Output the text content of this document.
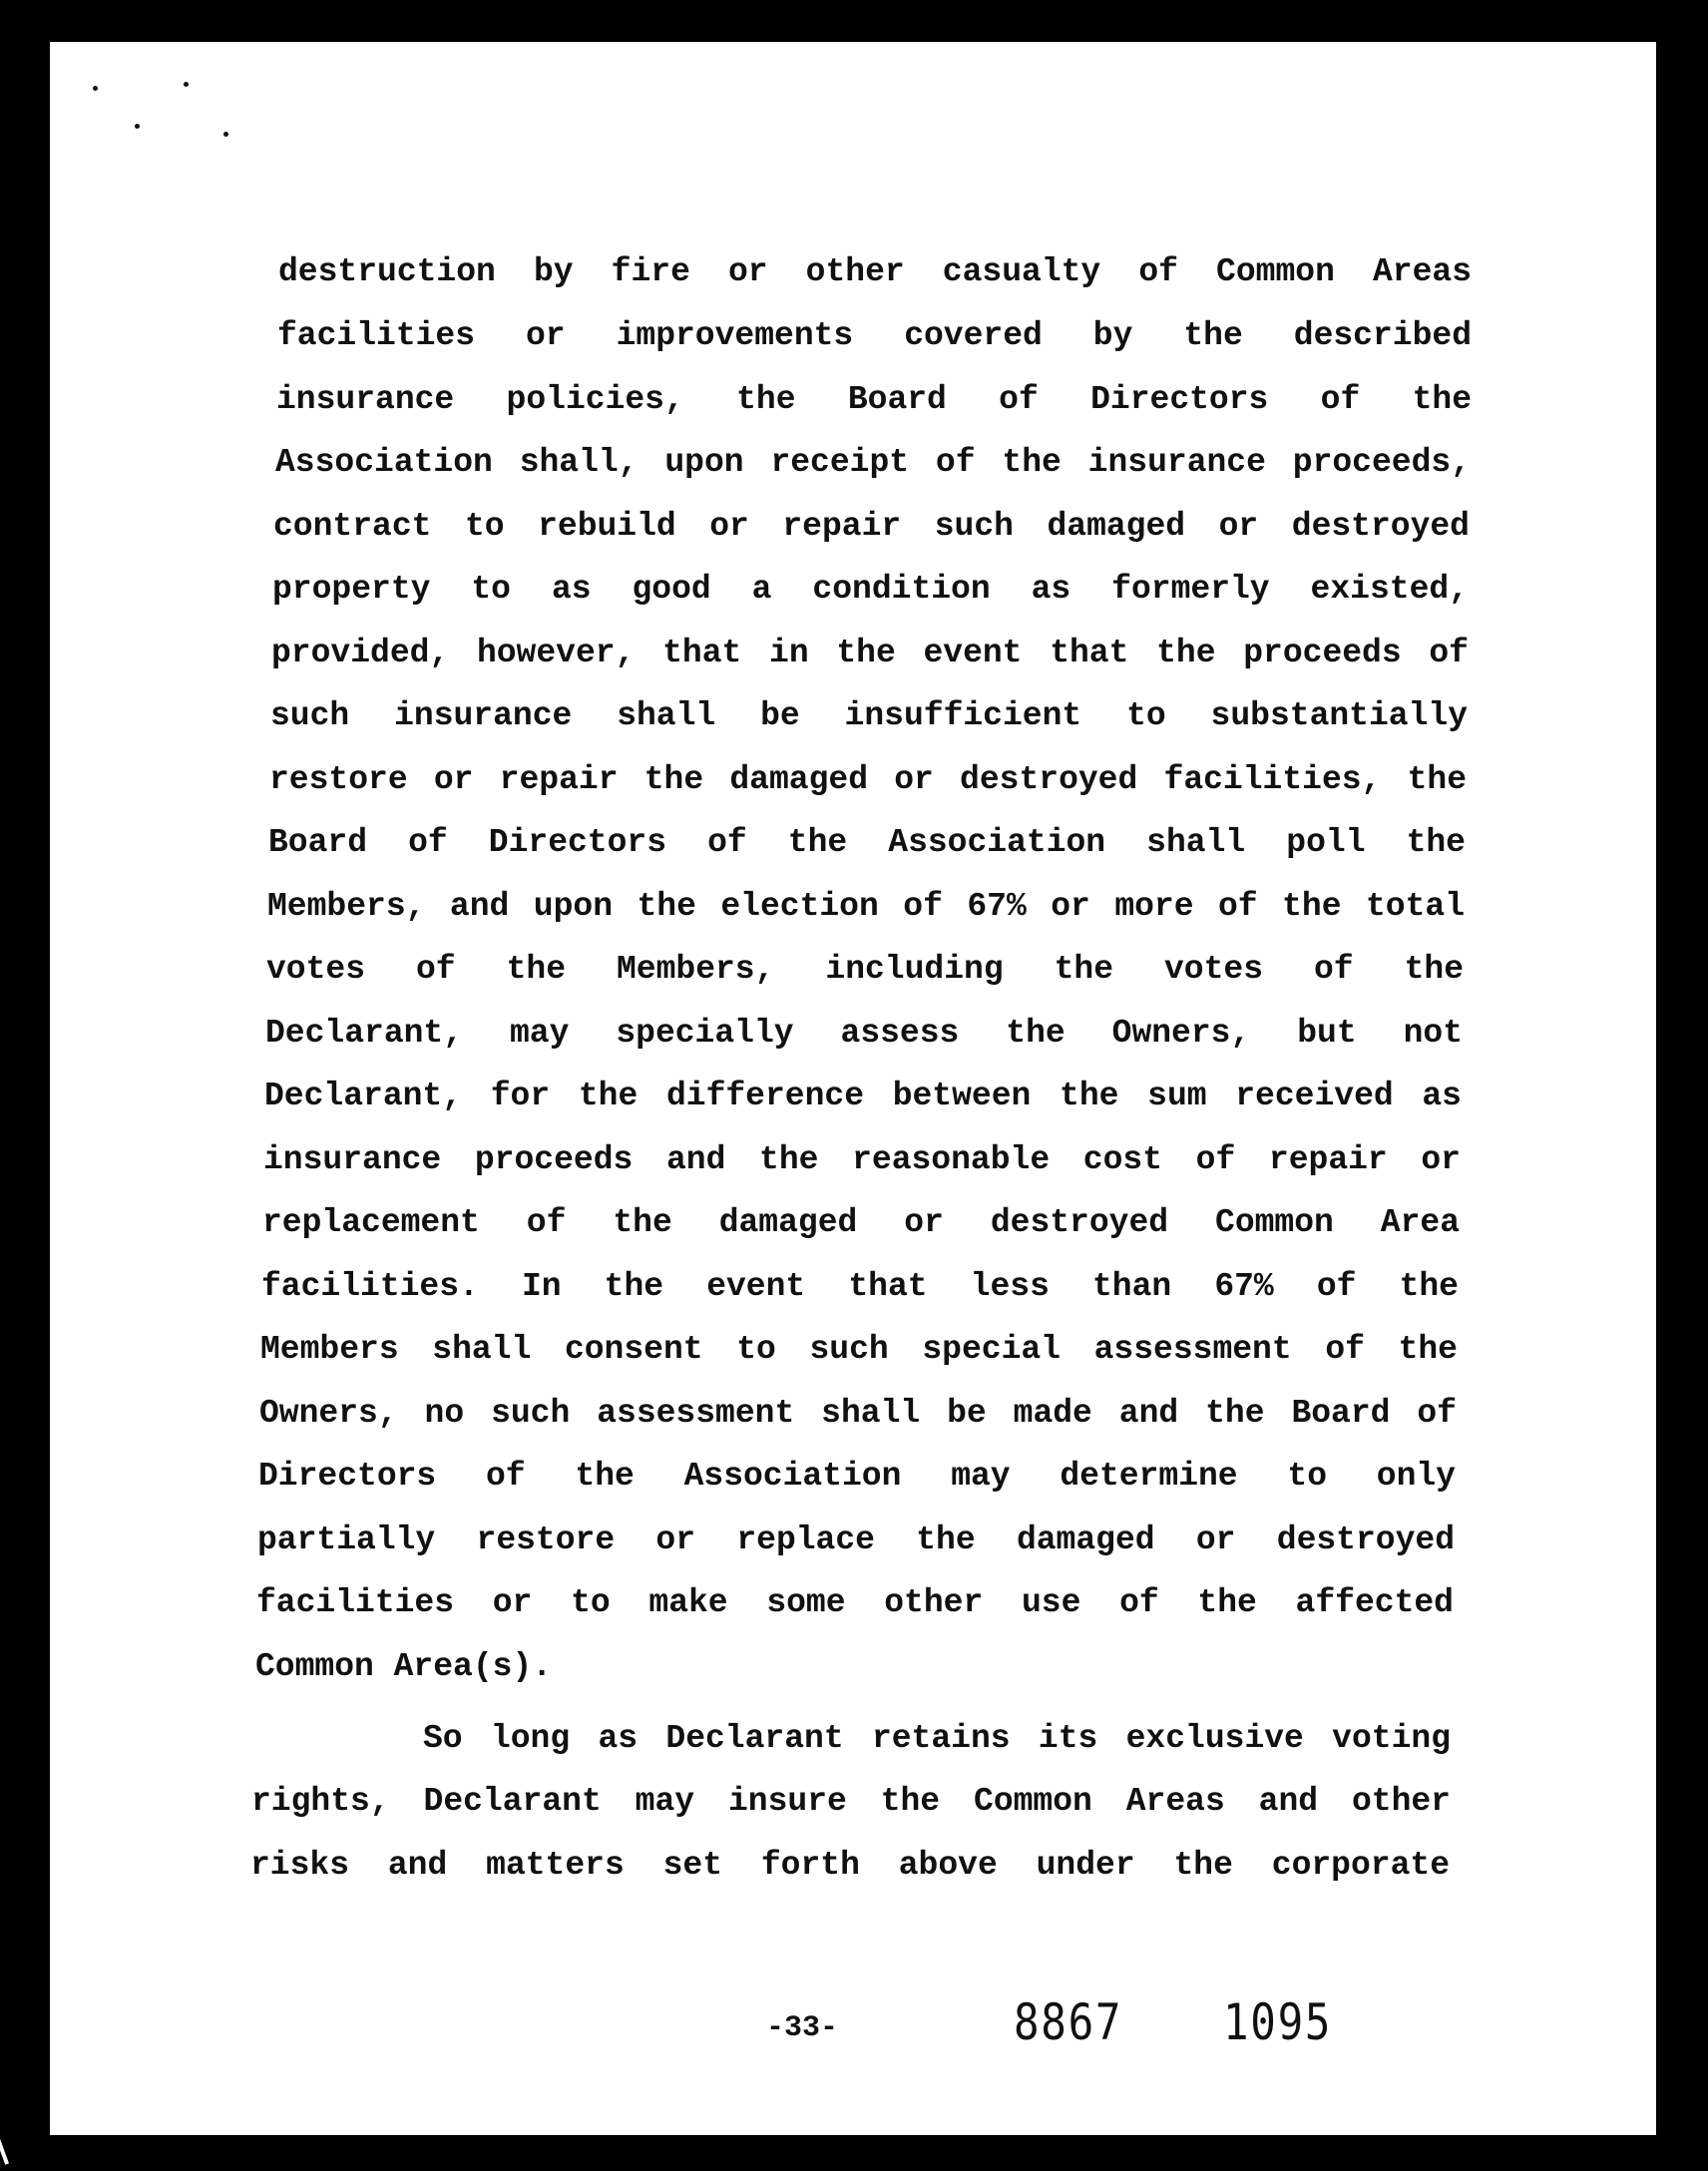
destruction by fire or other casualty of Common Areas
facilities or improvements covered by the described
insurance policies, the Board of Directors of the
Association shall, upon receipt of the insurance proceeds,
contract to rebuild or repair such damaged or destroyed
property to as good a condition as formerly existed,
provided, however, that in the event that the proceeds of
such insurance shall be insufficient to substantially
restore or repair the damaged or destroyed facilities, the
Board of Directors of the Association shall poll the
Members, and upon the election of 67% or more of the total
votes of the Members, including the votes of the
Declarant, may specially assess the Owners, but not
Declarant, for the difference between the sum received as
insurance proceeds and the reasonable cost of repair or
replacement of the damaged or destroyed Common Area
facilities. In the event that less than 67% of the
Members shall consent to such special assessment of the
Owners, no such assessment shall be made and the Board of
Directors of the Association may determine to only
partially restore or replace the damaged or destroyed
facilities or to make some other use of the affected
Common Area(s).
So long as Declarant retains its exclusive voting
rights, Declarant may insure the Common Areas and other
risks and matters set forth above under the corporate
-33-	8867 1095
